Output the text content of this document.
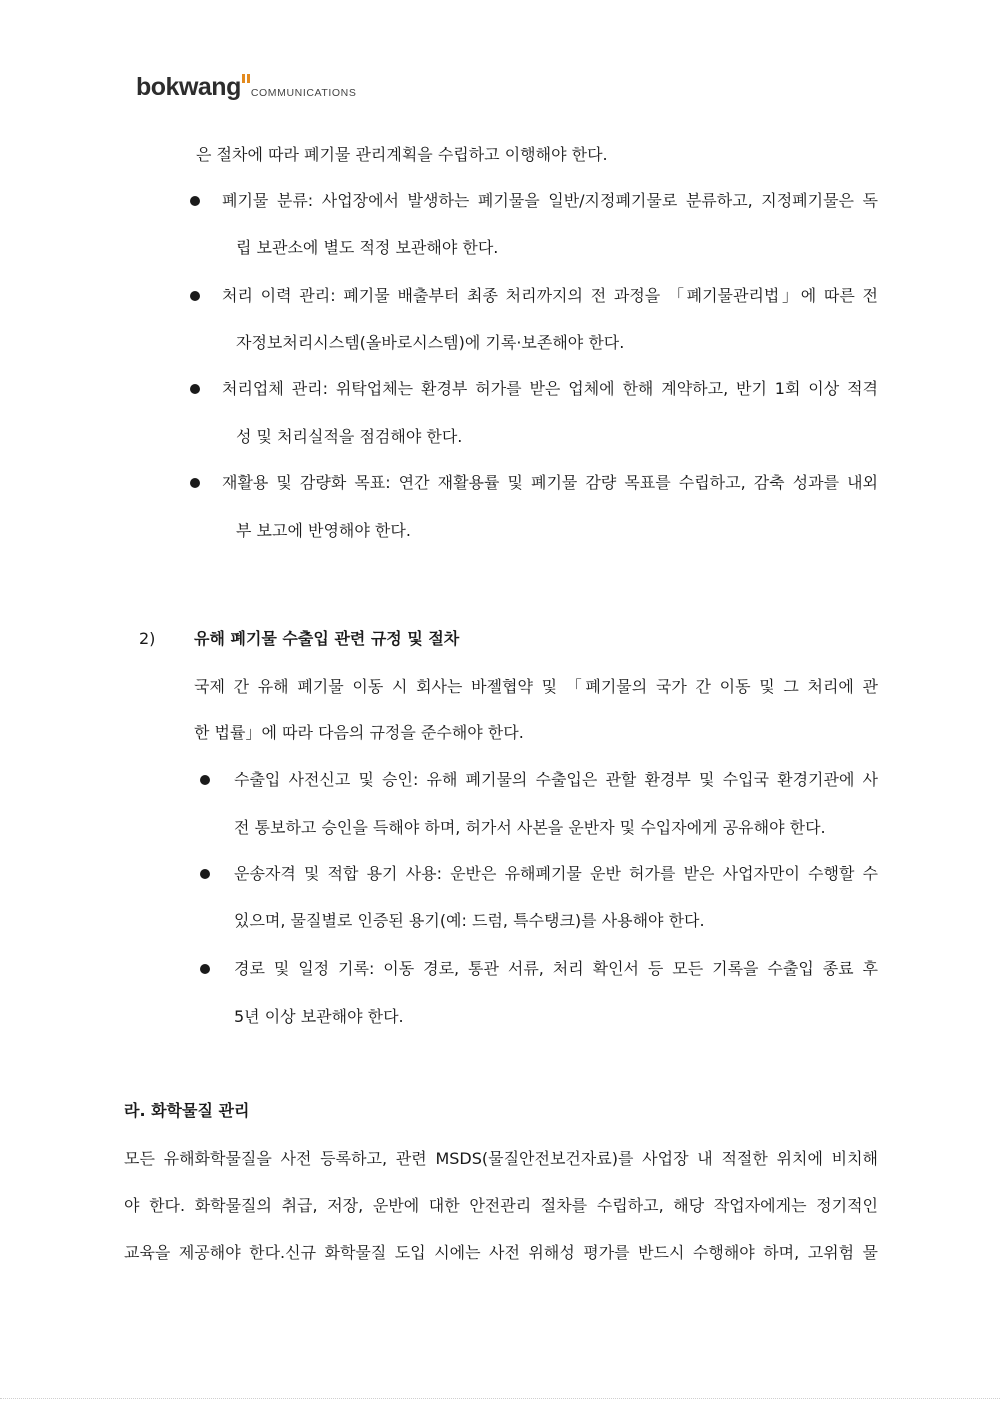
bokwang COMMUNICATIONS
은 절차에 따라 폐기물 관리계획을 수립하고 이행해야 한다.
폐기물 분류: 사업장에서 발생하는 폐기물을 일반/지정폐기물로 분류하고, 지정폐기물은 독
립 보관소에 별도 적정 보관해야 한다.
처리 이력 관리: 폐기물 배출부터 최종 처리까지의 전 과정을 「폐기물관리법」에 따른 전
자정보처리시스템(올바로시스템)에 기록·보존해야 한다.
처리업체 관리: 위탁업체는 환경부 허가를 받은 업체에 한해 계약하고, 반기 1회 이상 적격
성 및 처리실적을 점검해야 한다.
재활용 및 감량화 목표: 연간 재활용률 및 폐기물 감량 목표를 수립하고, 감축 성과를 내외
부 보고에 반영해야 한다.
2) 유해 폐기물 수출입 관련 규정 및 절차
국제 간 유해 폐기물 이동 시 회사는 바젤협약 및 「폐기물의 국가 간 이동 및 그 처리에 관
한 법률」에 따라 다음의 규정을 준수해야 한다.
수출입 사전신고 및 승인: 유해 폐기물의 수출입은 관할 환경부 및 수입국 환경기관에 사
전 통보하고 승인을 득해야 하며, 허가서 사본을 운반자 및 수입자에게 공유해야 한다.
운송자격 및 적합 용기 사용: 운반은 유해폐기물 운반 허가를 받은 사업자만이 수행할 수
있으며, 물질별로 인증된 용기(예: 드럼, 특수탱크)를 사용해야 한다.
경로 및 일정 기록: 이동 경로, 통관 서류, 처리 확인서 등 모든 기록을 수출입 종료 후
5년 이상 보관해야 한다.
라. 화학물질 관리
모든 유해화학물질을 사전 등록하고, 관련 MSDS(물질안전보건자료)를 사업장 내 적절한 위치에 비치해
야 한다. 화학물질의 취급, 저장, 운반에 대한 안전관리 절차를 수립하고, 해당 작업자에게는 정기적인
교육을 제공해야 한다.신규 화학물질 도입 시에는 사전 위해성 평가를 반드시 수행해야 하며, 고위험 물
